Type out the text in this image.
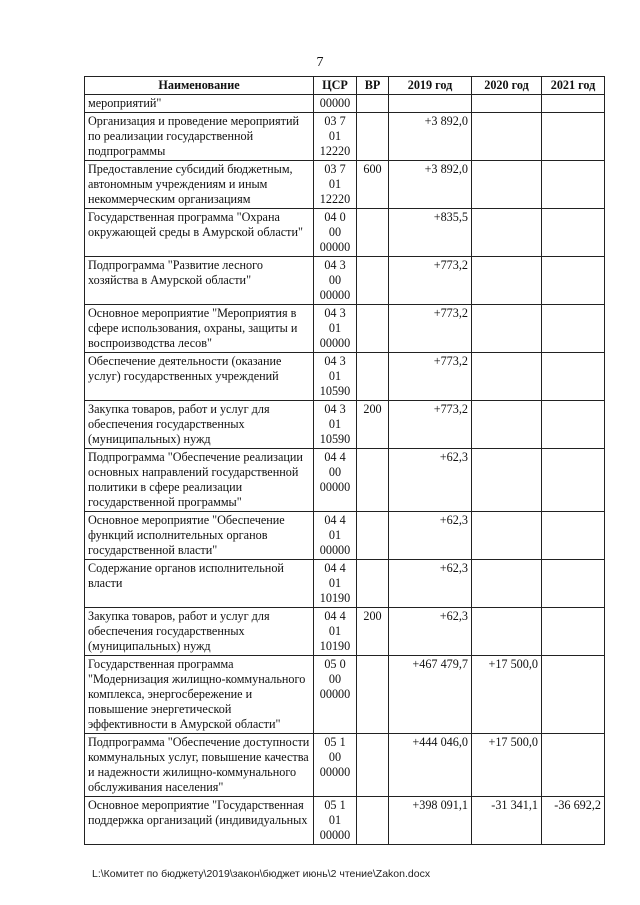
7
Наименование	ЦСР	ВР	2019 год	2020 год	2021 год
мероприятий"	00000				
Организация и проведение мероприятий по реализации государственной подпрограммы	03 7 01 12220		+3 892,0		
Предоставление субсидий бюджетным, автономным учреждениям и иным некоммерческим организациям	03 7 01 12220	600	+3 892,0		
Государственная программа "Охрана окружающей среды в Амурской области"	04 0 00 00000		+835,5		
Подпрограмма "Развитие лесного хозяйства в Амурской области"	04 3 00 00000		+773,2		
Основное мероприятие "Мероприятия в сфере использования, охраны, защиты и воспроизводства лесов"	04 3 01 00000		+773,2		
Обеспечение деятельности (оказание услуг) государственных учреждений	04 3 01 10590		+773,2		
Закупка товаров, работ и услуг для обеспечения государственных (муниципальных) нужд	04 3 01 10590	200	+773,2		
Подпрограмма "Обеспечение реализации основных направлений государственной политики в сфере реализации государственной программы"	04 4 00 00000		+62,3		
Основное мероприятие "Обеспечение функций исполнительных органов государственной власти"	04 4 01 00000		+62,3		
Содержание органов исполнительной власти	04 4 01 10190		+62,3		
Закупка товаров, работ и услуг для обеспечения государственных (муниципальных) нужд	04 4 01 10190	200	+62,3		
Государственная программа "Модернизация жилищно-коммунального комплекса, энергосбережение и повышение энергетической эффективности в Амурской области"	05 0 00 00000		+467 479,7	+17 500,0	
Подпрограмма "Обеспечение доступности коммунальных услуг, повышение качества и надежности жилищно-коммунального обслуживания населения"	05 1 00 00000		+444 046,0	+17 500,0	
Основное мероприятие "Государственная поддержка организаций (индивидуальных	05 1 01 00000		+398 091,1	-31 341,1	-36 692,2
L:\Комитет по бюджету\2019\закон\бюджет июнь\2 чтение\Zakon.docx
